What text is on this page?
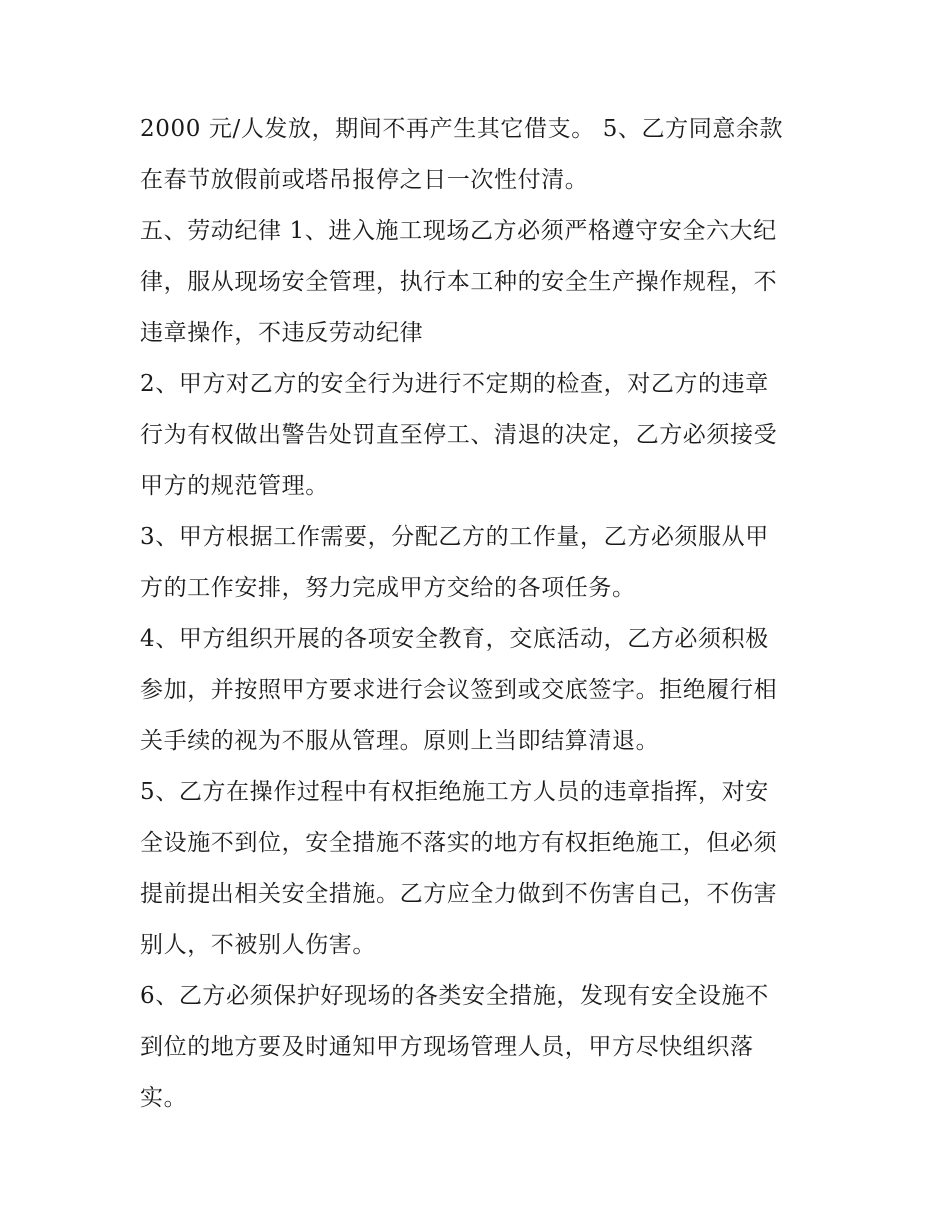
2000 元/人发放，期间不再产生其它借支。 5、乙方同意余款
在春节放假前或塔吊报停之日一次性付清。
五、劳动纪律 1、进入施工现场乙方必须严格遵守安全六大纪
律，服从现场安全管理，执行本工种的安全生产操作规程，不
违章操作，不违反劳动纪律
2、甲方对乙方的安全行为进行不定期的检查，对乙方的违章
行为有权做出警告处罚直至停工、清退的决定，乙方必须接受
甲方的规范管理。
3、甲方根据工作需要，分配乙方的工作量，乙方必须服从甲
方的工作安排，努力完成甲方交给的各项任务。
4、甲方组织开展的各项安全教育，交底活动，乙方必须积极
参加，并按照甲方要求进行会议签到或交底签字。拒绝履行相
关手续的视为不服从管理。原则上当即结算清退。
5、乙方在操作过程中有权拒绝施工方人员的违章指挥，对安
全设施不到位，安全措施不落实的地方有权拒绝施工，但必须
提前提出相关安全措施。乙方应全力做到不伤害自己，不伤害
别人，不被别人伤害。
6、乙方必须保护好现场的各类安全措施，发现有安全设施不
到位的地方要及时通知甲方现场管理人员，甲方尽快组织落
实。
